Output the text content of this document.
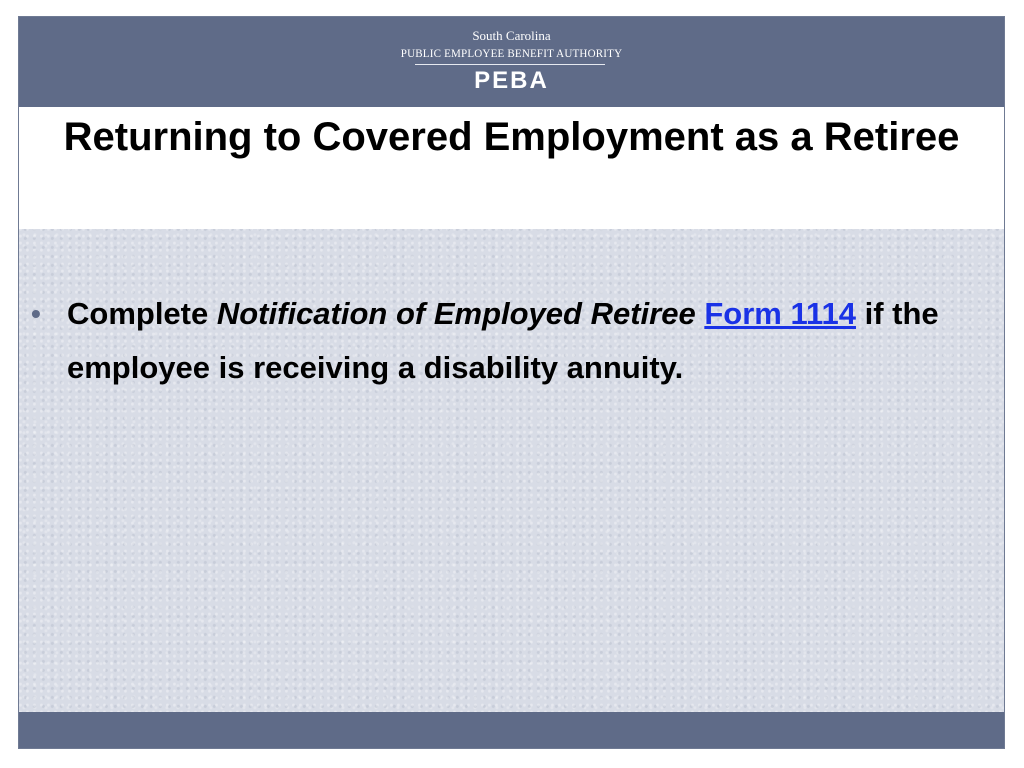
South Carolina
PUBLIC EMPLOYEE BENEFIT AUTHORITY
PEBA
Returning to Covered Employment as a Retiree
• Complete Notification of Employed Retiree Form 1114 if the employee is receiving a disability annuity.
